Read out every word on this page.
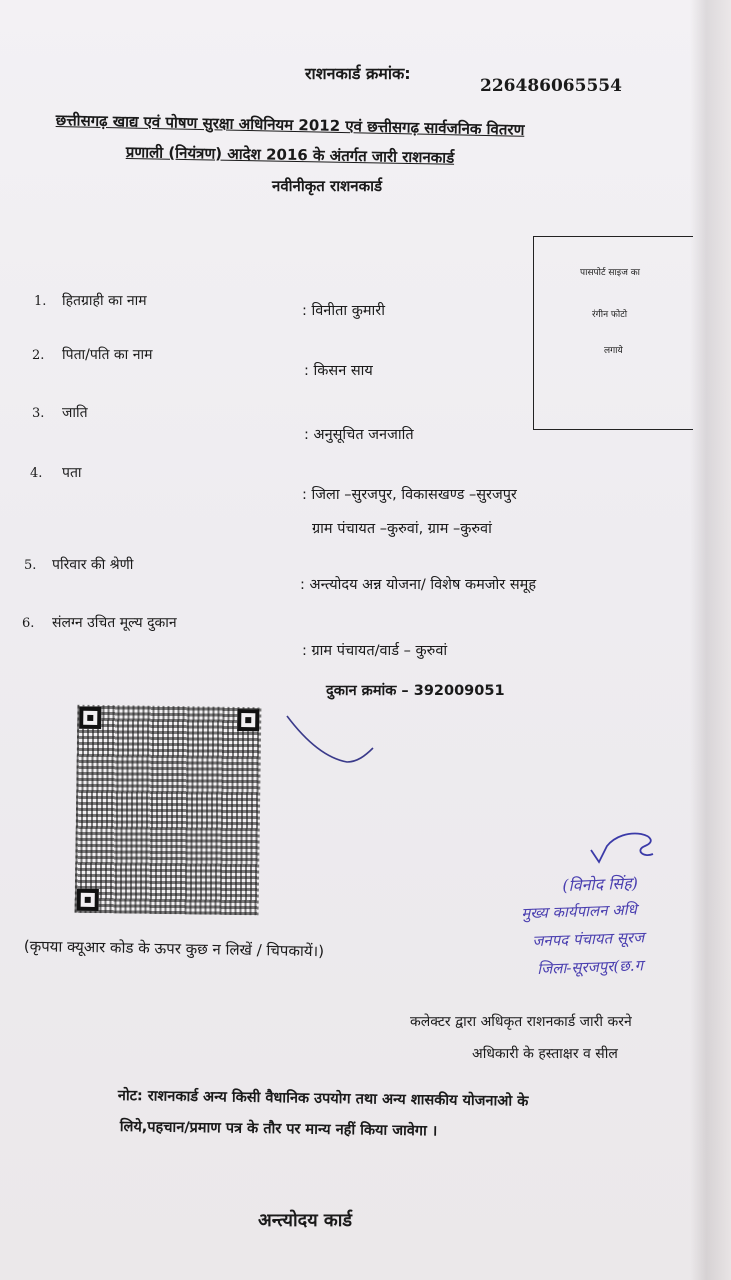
राशनकार्ड क्रमांक:
226486065554
छत्तीसगढ़ खाद्य एवं पोषण सुरक्षा अधिनियम 2012 एवं छत्तीसगढ़ सार्वजनिक वितरण
प्रणाली (नियंत्रण) आदेश 2016 के अंतर्गत जारी राशनकार्ड
नवीनीकृत राशनकार्ड
पासपोर्ट साइज का
रंगीन फोटो
लगाये
1. हितग्राही का नाम
: विनीता कुमारी
2. पिता/पति का नाम
: किसन साय
3. जाति
: अनुसूचित जनजाति
4. पता
: जिला –सुरजपुर, विकासखण्ड –सुरजपुर
ग्राम पंचायत –कुरुवां, ग्राम –कुरुवां
5. परिवार की श्रेणी
: अन्त्योदय अन्न योजना/ विशेष कमजोर समूह
6. संलग्न उचित मूल्य दुकान
: ग्राम पंचायत/वार्ड – कुरुवां
दुकान क्रमांक – 392009051
(कृपया क्यूआर कोड के ऊपर कुछ न लिखें / चिपकायें।)
(विनोद सिंह)
मुख्य कार्यपालन अधि
जनपद पंचायत सूरज
जिला-सूरजपुर(छ.ग
कलेक्टर द्वारा अधिकृत राशनकार्ड जारी करने
अधिकारी के हस्ताक्षर व सील
नोट: राशनकार्ड अन्य किसी वैधानिक उपयोग तथा अन्य शासकीय योजनाओ के
लिये,पहचान/प्रमाण पत्र के तौर पर मान्य नहीं किया जावेगा ।
अन्त्योदय कार्ड
